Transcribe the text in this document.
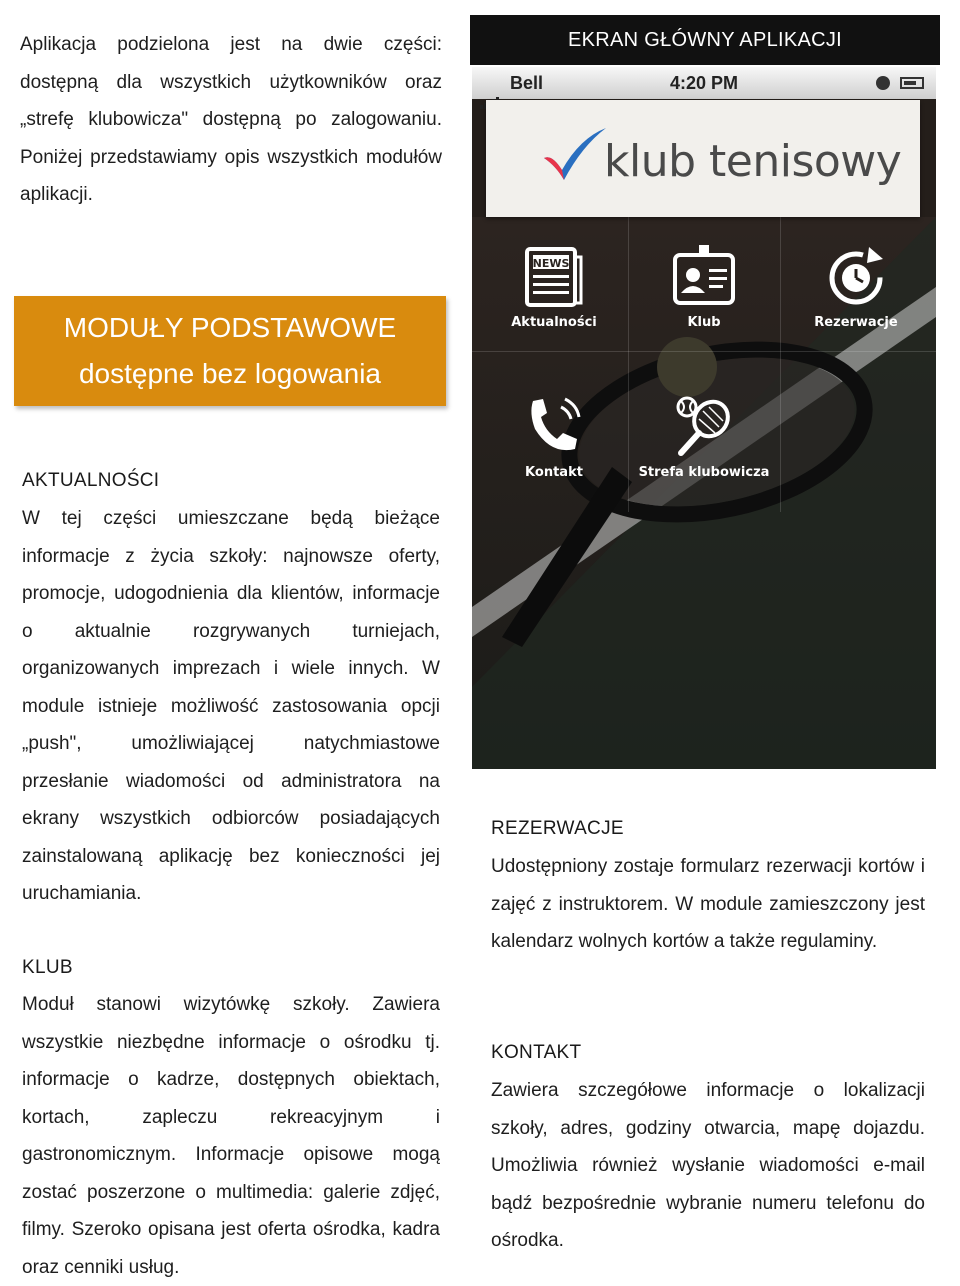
Aplikacja podzielona jest na dwie części: dostępną dla wszystkich użytkowników oraz „strefę klubowicza" dostępną po zalogowaniu. Poniżej przedstawiamy opis wszystkich modułów aplikacji.
MODUŁY PODSTAWOWE
dostępne bez logowania
AKTUALNOŚCI
W tej części umieszczane będą bieżące informacje z życia szkoły: najnowsze oferty, promocje, udogodnienia dla klientów, informacje o aktualnie rozgrywanych turniejach, organizowanych imprezach i wiele innych. W module istnieje możliwość zastosowania opcji „push", umożliwiającej natychmiastowe przesłanie wiadomości od administratora na ekrany wszystkich odbiorców posiadających zainstalowaną aplikację bez konieczności jej uruchamiania.
KLUB
Moduł stanowi wizytówkę szkoły. Zawiera wszystkie niezbędne informacje o ośrodku tj. informacje o kadrze, dostępnych obiektach, kortach, zapleczu rekreacyjnym i gastronomicznym. Informacje opisowe mogą zostać poszerzone o multimedia: galerie zdjęć, filmy. Szeroko opisana jest oferta ośrodka, kadra oraz cenniki usług.
EKRAN GŁÓWNY APLIKACJI
Bell	4:20 PM
klub tenisowy
NEWS
Aktualności	Klub	Rezerwacje
Kontakt	Strefa klubowicza
REZERWACJE
Udostępniony zostaje formularz rezerwacji kortów i zajęć z instruktorem. W module zamieszczony jest kalendarz wolnych kortów a także regulaminy.
KONTAKT
Zawiera szczegółowe informacje o lokalizacji szkoły, adres, godziny otwarcia, mapę dojazdu. Umożliwia również wysłanie wiadomości e-mail bądź bezpośrednie wybranie numeru telefonu do ośrodka.
